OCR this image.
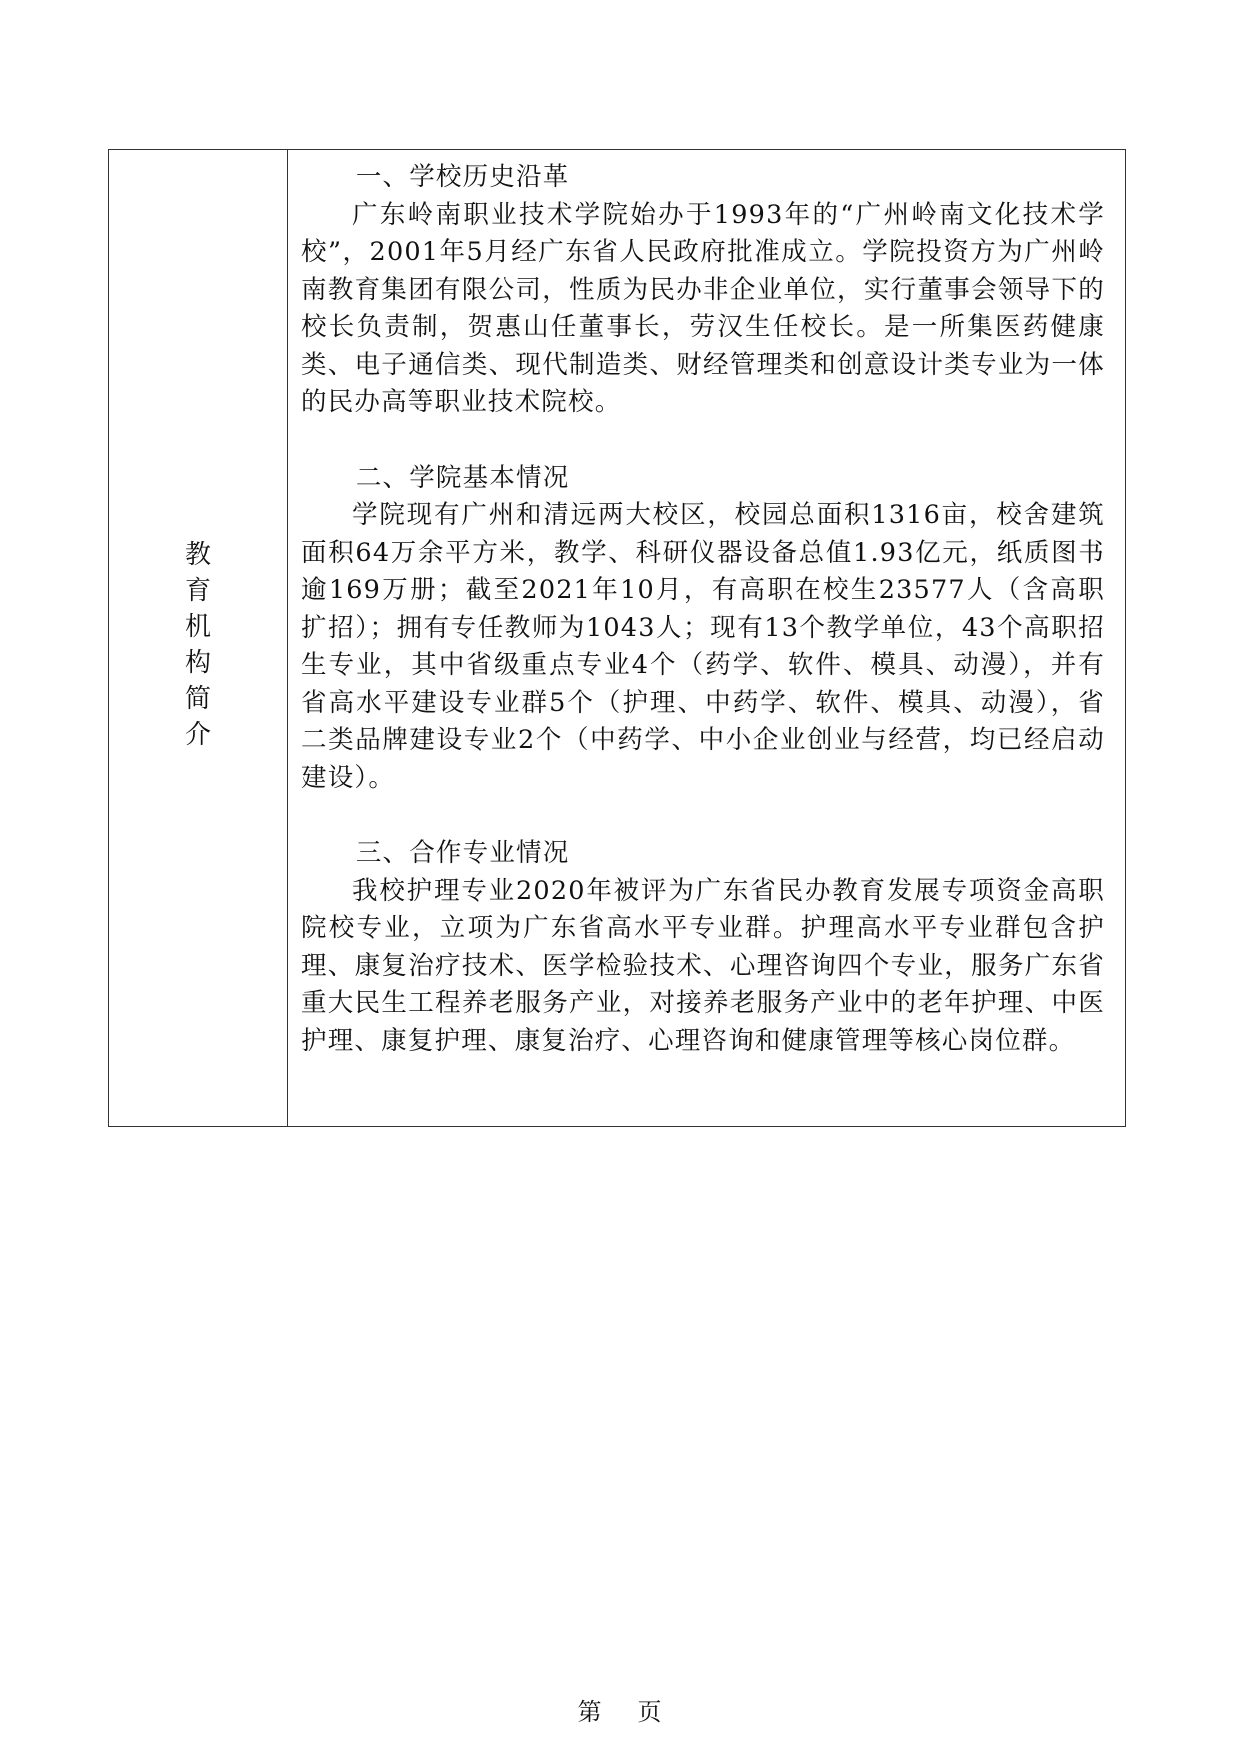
教
育
机
构
简
介

一、学校历史沿革

广东岭南职业技术学院始办于1993年的“广州岭南文化技术学校”，2001年5月经广东省人民政府批准成立。学院投资方为广州岭南教育集团有限公司，性质为民办非企业单位，实行董事会领导下的校长负责制，贺惠山任董事长，劳汉生任校长。是一所集医药健康类、电子通信类、现代制造类、财经管理类和创意设计类专业为一体的民办高等职业技术院校。

二、学院基本情况

学院现有广州和清远两大校区，校园总面积1316亩，校舍建筑面积64万余平方米，教学、科研仪器设备总值1.93亿元，纸质图书逾169万册；截至2021年10月，有高职在校生23577人（含高职扩招）；拥有专任教师为1043人；现有13个教学单位，43个高职招生专业，其中省级重点专业4个（药学、软件、模具、动漫），并有省高水平建设专业群5个（护理、中药学、软件、模具、动漫），省二类品牌建设专业2个（中药学、中小企业创业与经营，均已经启动建设）。

三、合作专业情况

我校护理专业2020年被评为广东省民办教育发展专项资金高职院校专业，立项为广东省高水平专业群。护理高水平专业群包含护理、康复治疗技术、医学检验技术、心理咨询四个专业，服务广东省重大民生工程养老服务产业，对接养老服务产业中的老年护理、中医护理、康复护理、康复治疗、心理咨询和健康管理等核心岗位群。

第 页
